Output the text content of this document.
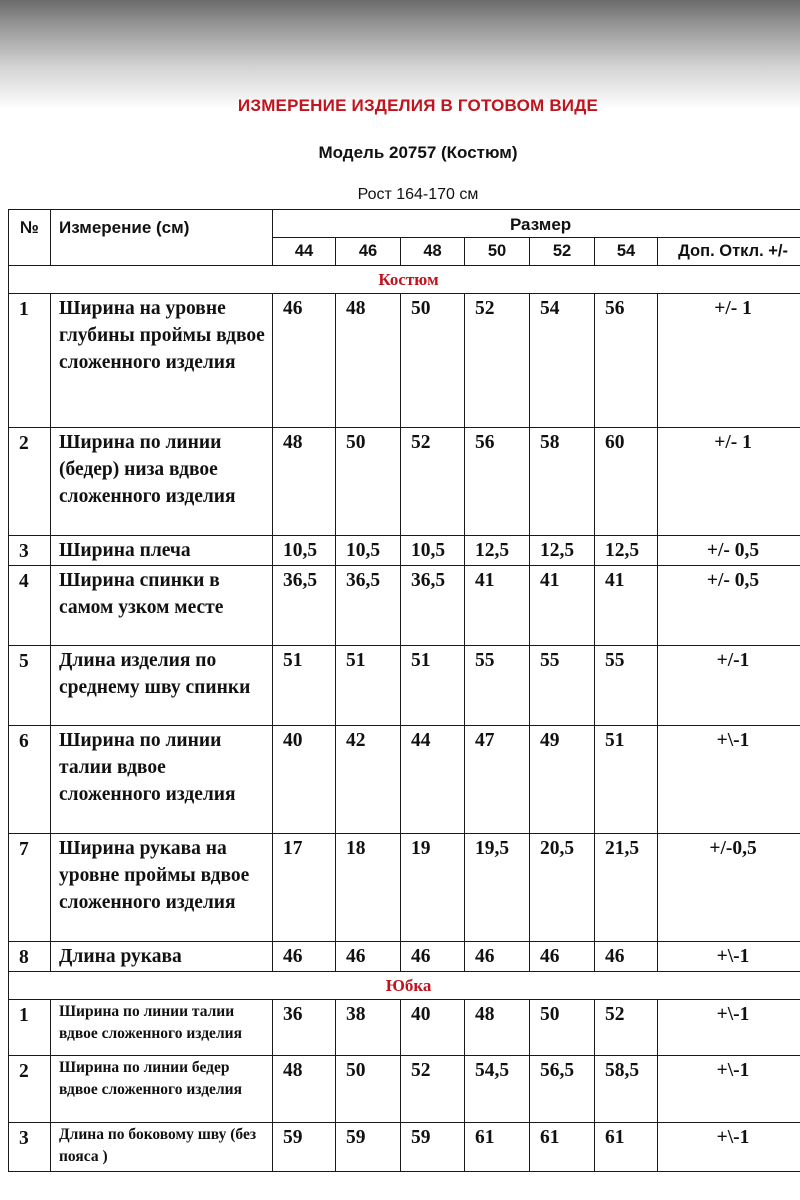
ИЗМЕРЕНИЕ ИЗДЕЛИЯ В ГОТОВОМ ВИДЕ
Модель 20757 (Костюм)
Рост 164-170 см
№	Измерение (см)	Размер						
		44	46	48	50	52	54	Доп. Откл. +/-
Костюм								
1	Ширина на уровне глубины проймы вдвое сложенного изделия	46	48	50	52	54	56	+/- 1
2	Ширина по линии (бедер) низа вдвое сложенного изделия	48	50	52	56	58	60	+/- 1
3	Ширина плеча	10,5	10,5	10,5	12,5	12,5	12,5	+/- 0,5
4	Ширина спинки в самом узком месте	36,5	36,5	36,5	41	41	41	+/- 0,5
5	Длина изделия по среднему шву спинки	51	51	51	55	55	55	+/-1
6	Ширина по линии талии вдвое сложенного изделия	40	42	44	47	49	51	+\-1
7	Ширина рукава на уровне проймы вдвое сложенного изделия	17	18	19	19,5	20,5	21,5	+/-0,5
8	Длина рукава	46	46	46	46	46	46	+\-1
Юбка								
1	Ширина по линии талии вдвое сложенного изделия	36	38	40	48	50	52	+\-1
2	Ширина по линии бедер вдвое сложенного изделия	48	50	52	54,5	56,5	58,5	+\-1
3	Длина по боковому шву (без пояса )	59	59	59	61	61	61	+\-1
